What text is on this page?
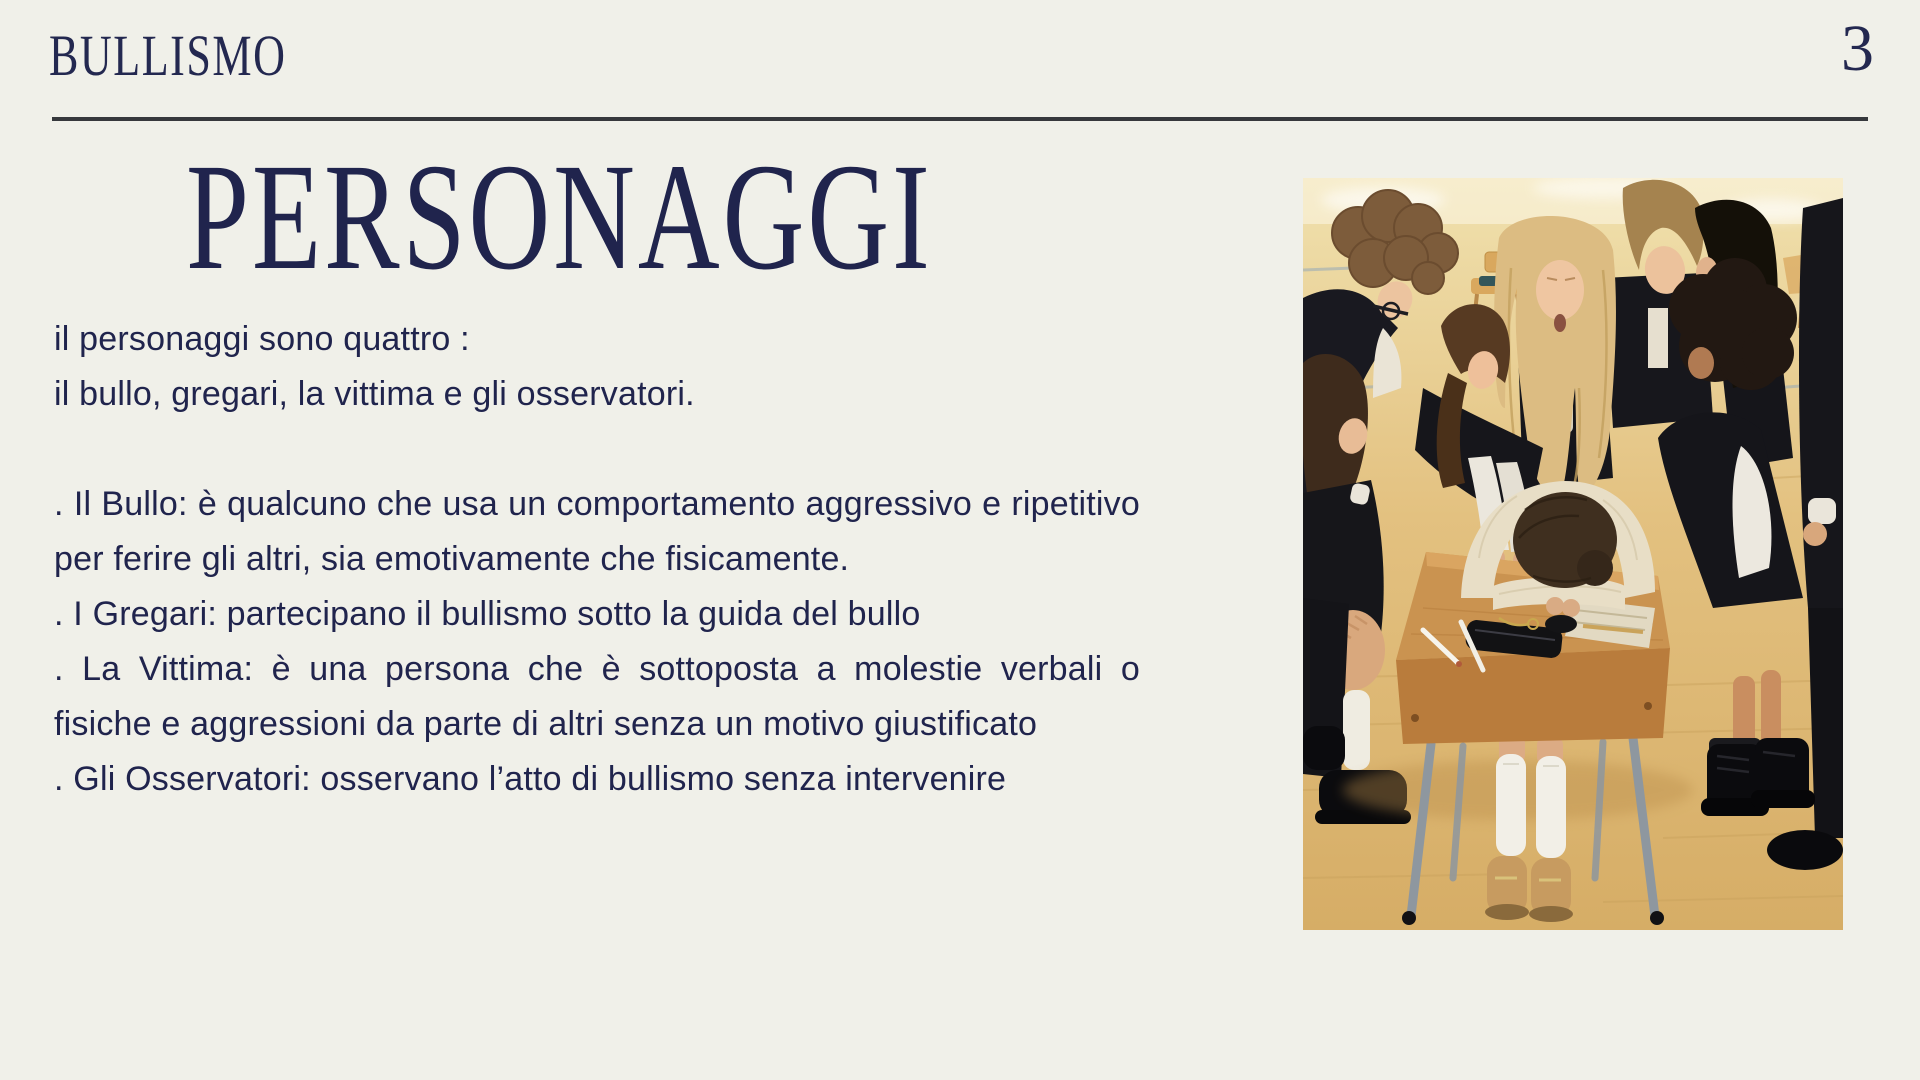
BULLISMO	3
PERSONAGGI

il personaggi sono quattro :

il bullo, gregari, la vittima e gli osservatori.

. Il Bullo: è qualcuno che usa un comportamento aggressivo e ripetitivo per ferire gli altri, sia emotivamente che fisicamente.

. I Gregari: partecipano il bullismo sotto la guida del bullo

. La Vittima: è una persona che è sottoposta a molestie verbali o fisiche e aggressioni da parte di altri senza un motivo giustificato

. Gli Osservatori: osservano l’atto di bullismo senza intervenire
